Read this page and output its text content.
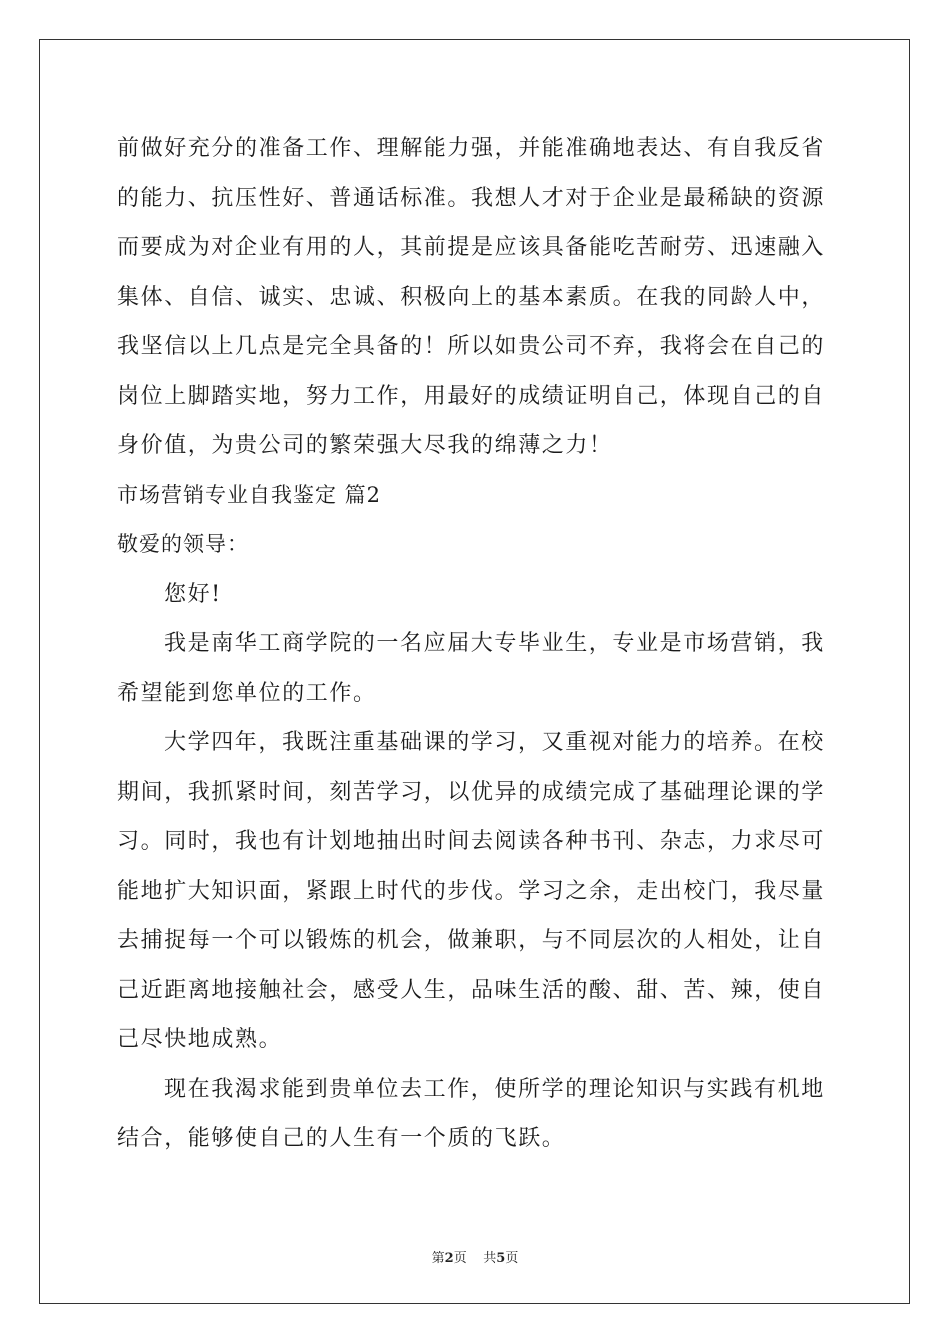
前做好充分的准备工作、理解能力强，并能准确地表达、有自我反省
的能力、抗压性好、普通话标准。我想人才对于企业是最稀缺的资源
而要成为对企业有用的人，其前提是应该具备能吃苦耐劳、迅速融入
集体、自信、诚实、忠诚、积极向上的基本素质。在我的同龄人中，
我坚信以上几点是完全具备的！所以如贵公司不弃，我将会在自己的
岗位上脚踏实地，努力工作，用最好的成绩证明自己，体现自己的自
身价值，为贵公司的繁荣强大尽我的绵薄之力！
市场营销专业自我鉴定 篇2
敬爱的领导：
您好!
我是南华工商学院的一名应届大专毕业生，专业是市场营销，我
希望能到您单位的工作。
大学四年，我既注重基础课的学习，又重视对能力的培养。在校
期间，我抓紧时间，刻苦学习，以优异的成绩完成了基础理论课的学
习。同时，我也有计划地抽出时间去阅读各种书刊、杂志，力求尽可
能地扩大知识面，紧跟上时代的步伐。学习之余，走出校门，我尽量
去捕捉每一个可以锻炼的机会，做兼职，与不同层次的人相处，让自
己近距离地接触社会，感受人生，品味生活的酸、甜、苦、辣，使自
己尽快地成熟。
现在我渴求能到贵单位去工作，使所学的理论知识与实践有机地
结合，能够使自己的人生有一个质的飞跃。
第2页 共5页
